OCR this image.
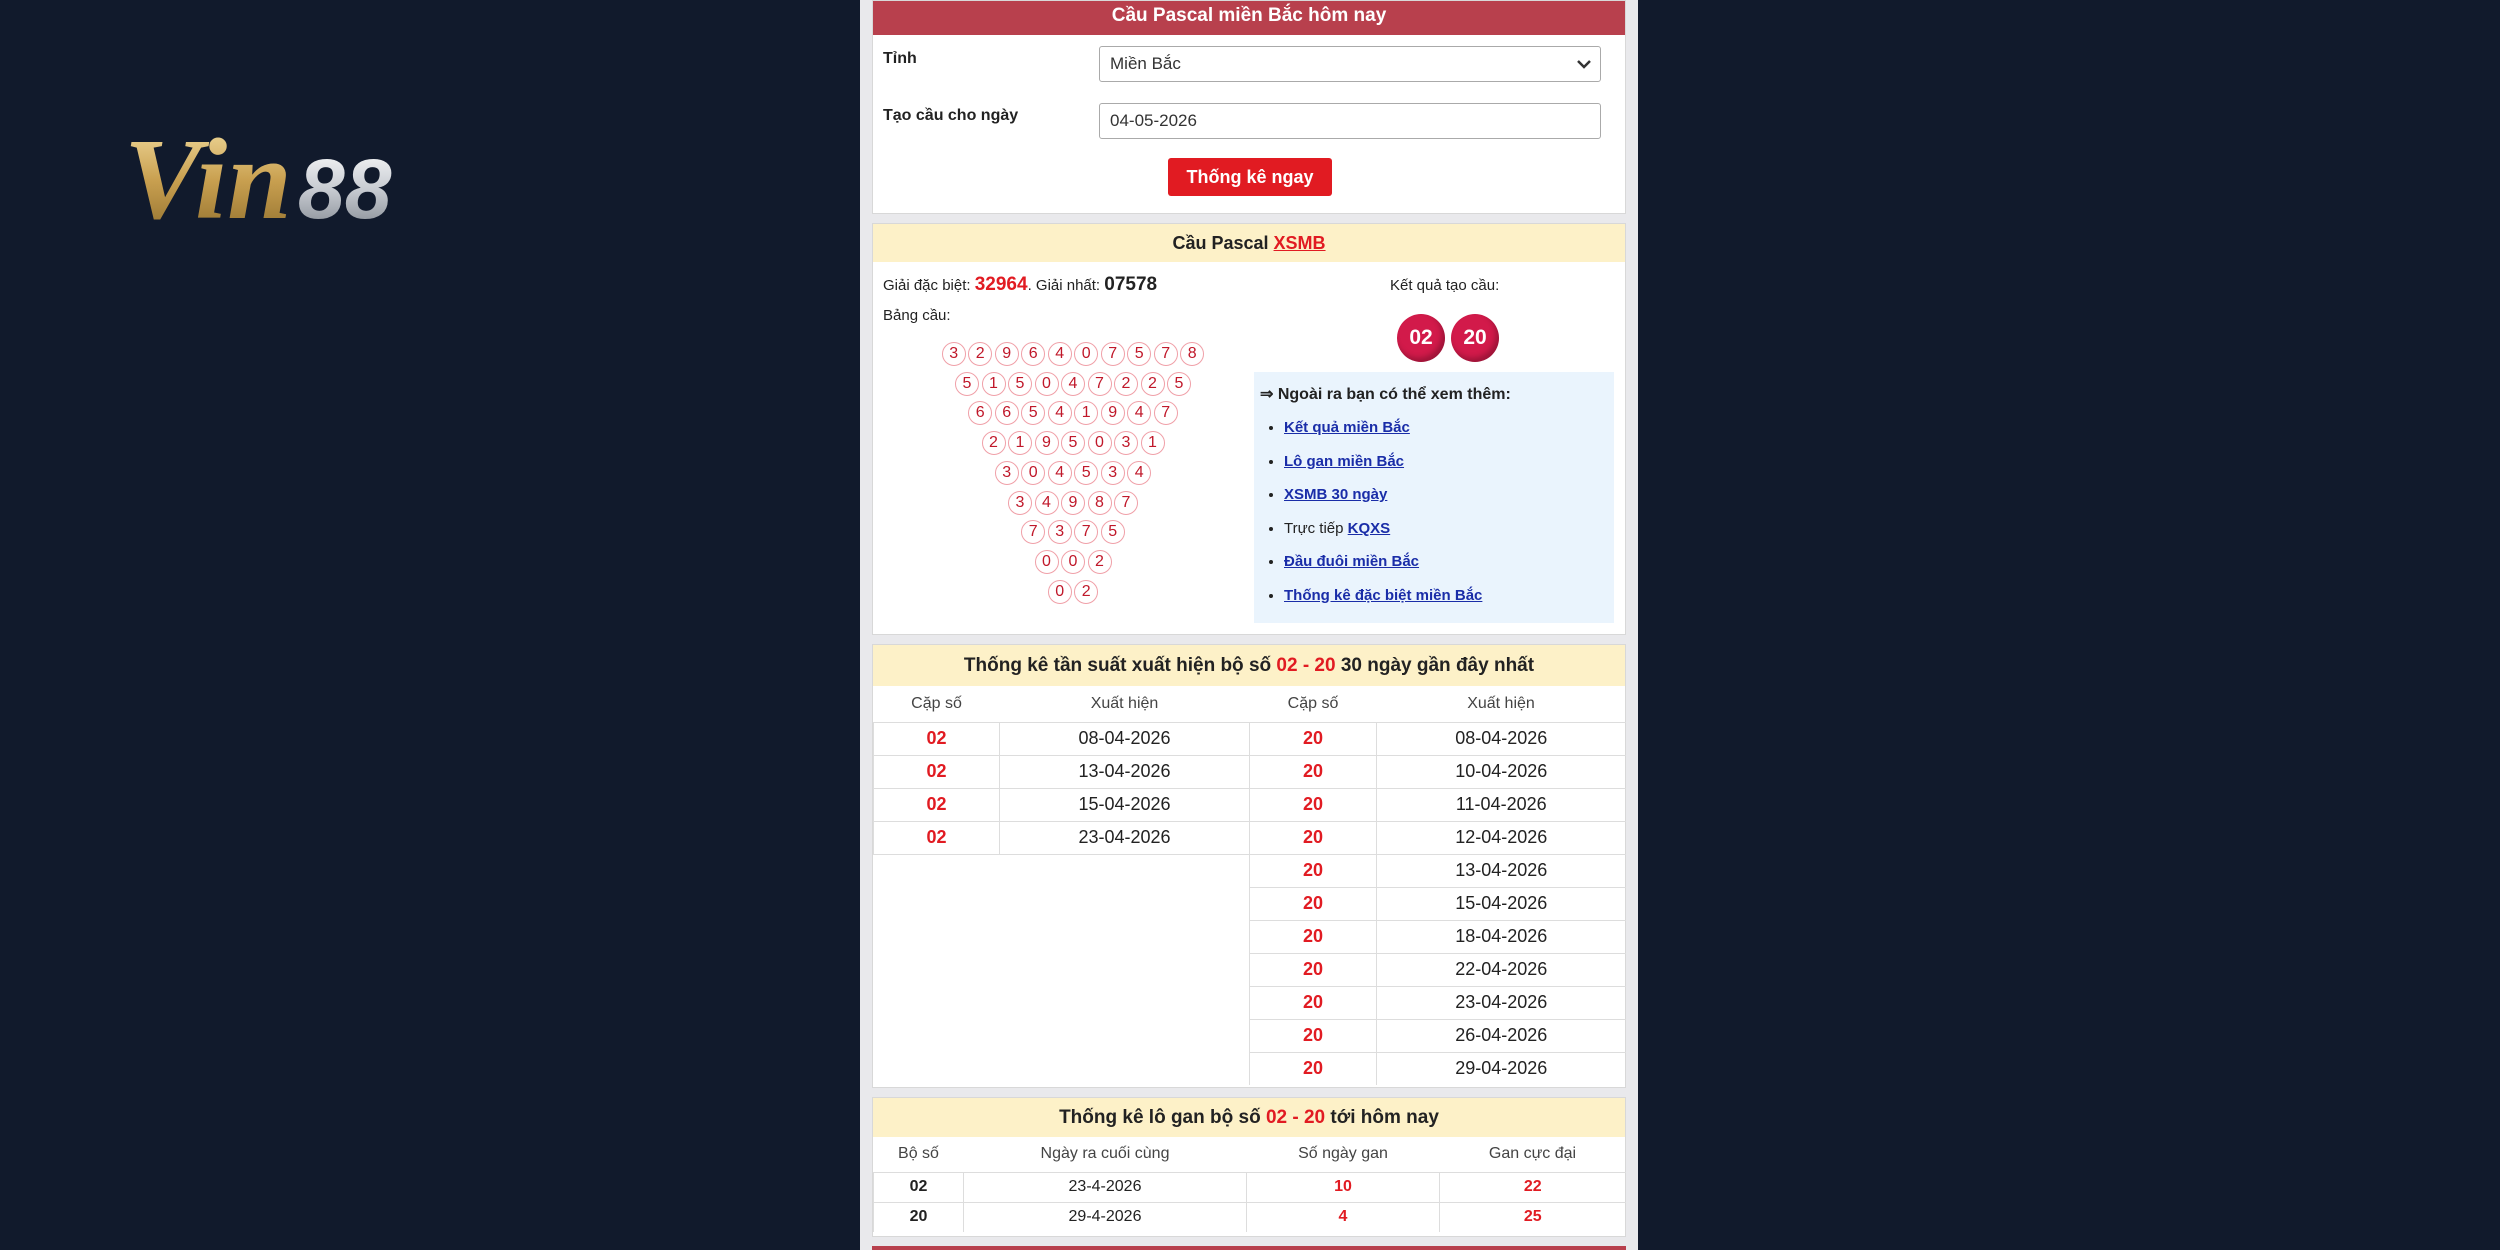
Vin 88
Cầu Pascal miền Bắc hôm nay
Tỉnh	Miền Bắc
Tạo cầu cho ngày	04-05-2026
Thống kê ngay
Cầu Pascal XSMB
Giải đặc biệt: 32964. Giải nhất: 07578
Bảng cầu:
Kết quả tạo cầu:
02	20
3	2	9	6	4	0	7	5	7	8
5	1	5	0	4	7	2	2	5
6	6	5	4	1	9	4	7
2	1	9	5	0	3	1
3	0	4	5	3	4
3	4	9	8	7
7	3	7	5
0	0	2
0	2
⇒ Ngoài ra bạn có thể xem thêm:
• Kết quả miền Bắc
• Lô gan miền Bắc
• XSMB 30 ngày
• Trực tiếp KQXS
• Đầu đuôi miền Bắc
• Thống kê đặc biệt miền Bắc
Thống kê tần suất xuất hiện bộ số 02 - 20 30 ngày gần đây nhất
Cặp số	Xuất hiện	Cặp số	Xuất hiện
02	08-04-2026	20	08-04-2026
02	13-04-2026	20	10-04-2026
02	15-04-2026	20	11-04-2026
02	23-04-2026	20	12-04-2026
		20	13-04-2026
		20	15-04-2026
		20	18-04-2026
		20	22-04-2026
		20	23-04-2026
		20	26-04-2026
		20	29-04-2026
Thống kê lô gan bộ số 02 - 20 tới hôm nay
Bộ số	Ngày ra cuối cùng	Số ngày gan	Gan cực đại
02	23-4-2026	10	22
20	29-4-2026	4	25
